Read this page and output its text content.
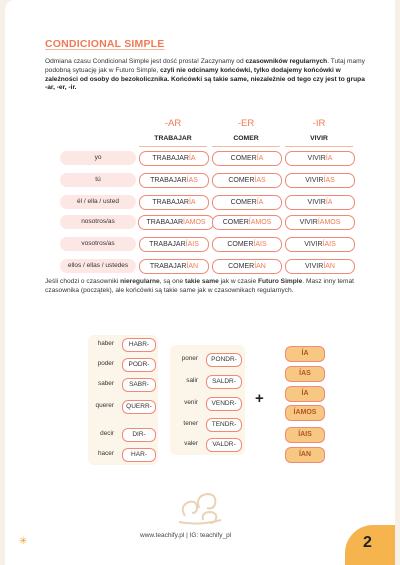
CONDICIONAL SIMPLE
Odmiana czasu Condicional Simple jest dość prosta! Zaczynamy od czasowników regularnych. Tutaj mamy podobną sytuację jak w Futuro Simple, czyli nie odcinamy końcówki, tylko dodajemy końcówki w zależności od osoby do bezokolicznika. Końcówki są takie same, niezależnie od tego czy jest to grupa -ar, -er, -ir.
-AR	-ER	-IR
TRABAJAR	COMER	VIVIR
yo	TRABAJARÍA	COMERÍA	VIVIRÍA
tú	TRABAJARÍAS	COMERÍAS	VIVIRÍAS
él / ella / usted	TRABAJARÍA	COMERÍA	VIVIRÍA
nosotros/as	TRABAJARÍAMOS	COMERÍAMOS	VIVIRÍAMOS
vosotros/as	TRABAJARÍAIS	COMERÍAIS	VIVIRÍAIS
ellos / ellas / ustedes	TRABAJARÍAN	COMERÍAN	VIVIRÍAN
Jeśli chodzi o czasowniki nieregularne, są one takie same jak w czasie Futuro Simple. Masz inny temat czasownika (początek), ale końcówki są takie same jak w czasownikach regularnych.
haber	HABR-
poder	PODR-
saber	SABR-
querer	QUERR-
decir	DIR-
hacer	HAR-
poner	PONDR-
salir	SALDR-
venir	VENDR-
tener	TENDR-
valer	VALDR-
+
ÍA
ÍAS
ÍA
ÍAMOS
ÍAIS
ÍAN
✳
www.teachify.pl | IG: teachify_pl	2
